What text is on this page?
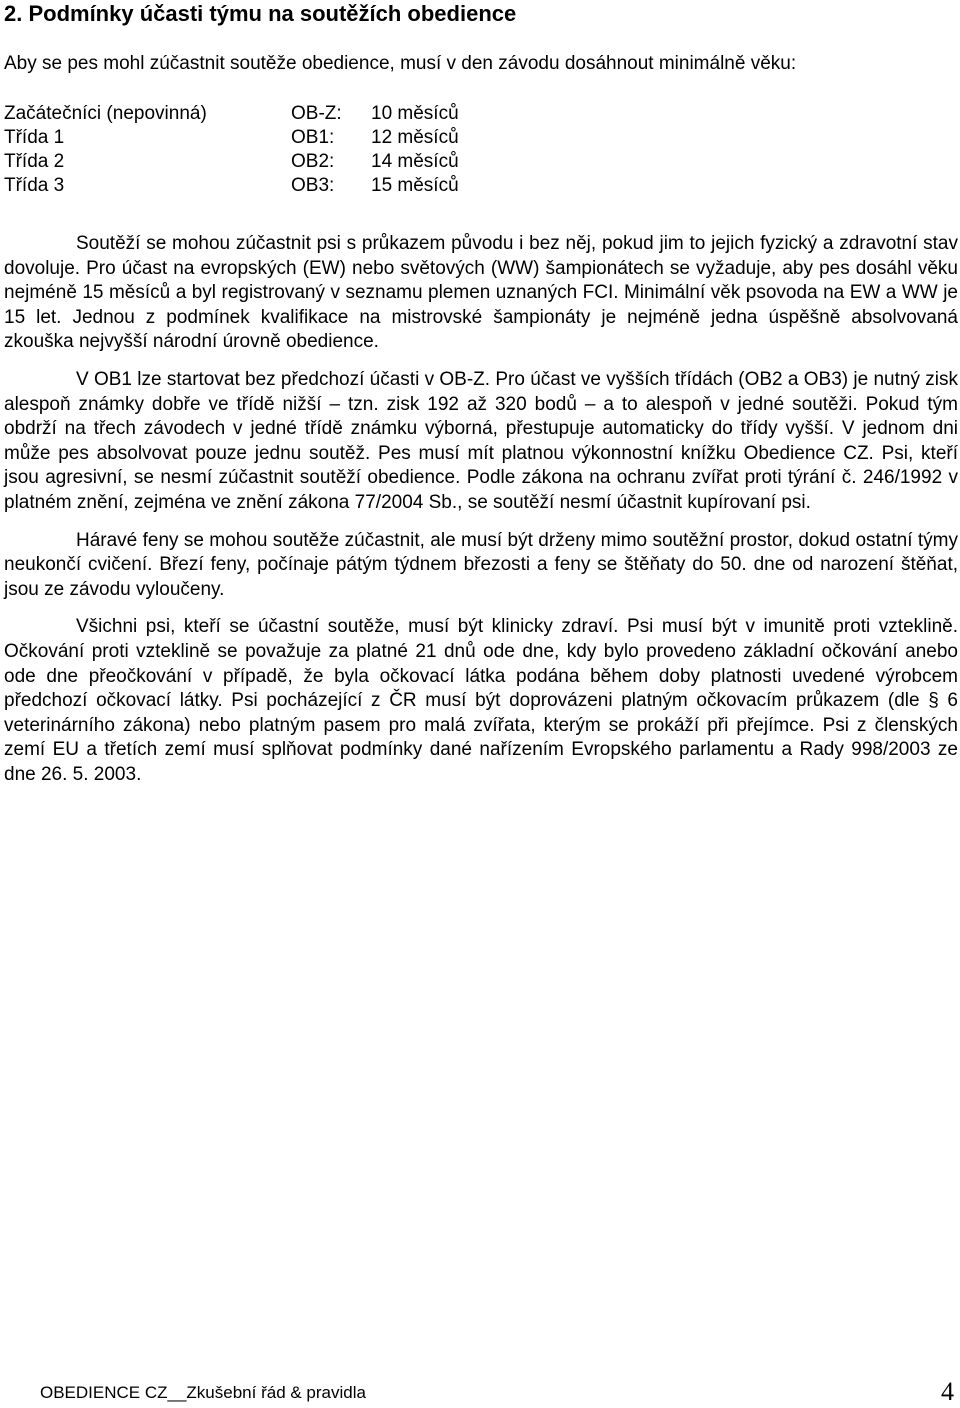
2. Podmínky účasti týmu na soutěžích obedience
Aby se pes mohl zúčastnit soutěže obedience, musí v den závodu dosáhnout minimálně věku:
Začátečníci (nepovinná)	OB-Z:	10 měsíců
Třída 1	OB1:	12 měsíců
Třída 2	OB2:	14 měsíců
Třída 3	OB3:	15 měsíců

Soutěží se mohou zúčastnit psi s průkazem původu i bez něj, pokud jim to jejich fyzický a zdravotní stav dovoluje. Pro účast na evropských (EW) nebo světových (WW) šampionátech se vyžaduje, aby pes dosáhl věku nejméně 15 měsíců a byl registrovaný v seznamu plemen uznaných FCI. Minimální věk psovoda na EW a WW je 15 let. Jednou z podmínek kvalifikace na mistrovské šampionáty je nejméně jedna úspěšně absolvovaná zkouška nejvyšší národní úrovně obedience.

V OB1 lze startovat bez předchozí účasti v OB-Z. Pro účast ve vyšších třídách (OB2 a OB3) je nutný zisk alespoň známky dobře ve třídě nižší – tzn. zisk 192 až 320 bodů – a to alespoň v jedné soutěži. Pokud tým obdrží na třech závodech v jedné třídě známku výborná, přestupuje automaticky do třídy vyšší. V jednom dni může pes absolvovat pouze jednu soutěž. Pes musí mít platnou výkonnostní knížku Obedience CZ. Psi, kteří jsou agresivní, se nesmí zúčastnit soutěží obedience. Podle zákona na ochranu zvířat proti týrání č. 246/1992 v platném znění, zejména ve znění zákona 77/2004 Sb., se soutěží nesmí účastnit kupírovaní psi.

Háravé feny se mohou soutěže zúčastnit, ale musí být drženy mimo soutěžní prostor, dokud ostatní týmy neukončí cvičení. Březí feny, počínaje pátým týdnem březosti a feny se štěňaty do 50. dne od narození štěňat, jsou ze závodu vyloučeny.

Všichni psi, kteří se účastní soutěže, musí být klinicky zdraví. Psi musí být v imunitě proti vzteklině. Očkování proti vzteklině se považuje za platné 21 dnů ode dne, kdy bylo provedeno základní očkování anebo ode dne přeočkování v případě, že byla očkovací látka podána během doby platnosti uvedené výrobcem předchozí očkovací látky. Psi pocházející z ČR musí být doprovázeni platným očkovacím průkazem (dle § 6 veterinárního zákona) nebo platným pasem pro malá zvířata, kterým se prokáží při přejímce. Psi z členských zemí EU a třetích zemí musí splňovat podmínky dané nařízením Evropského parlamentu a Rady 998/2003 ze dne 26. 5. 2003.

OBEDIENCE CZ__Zkušební řád & pravidla	4
